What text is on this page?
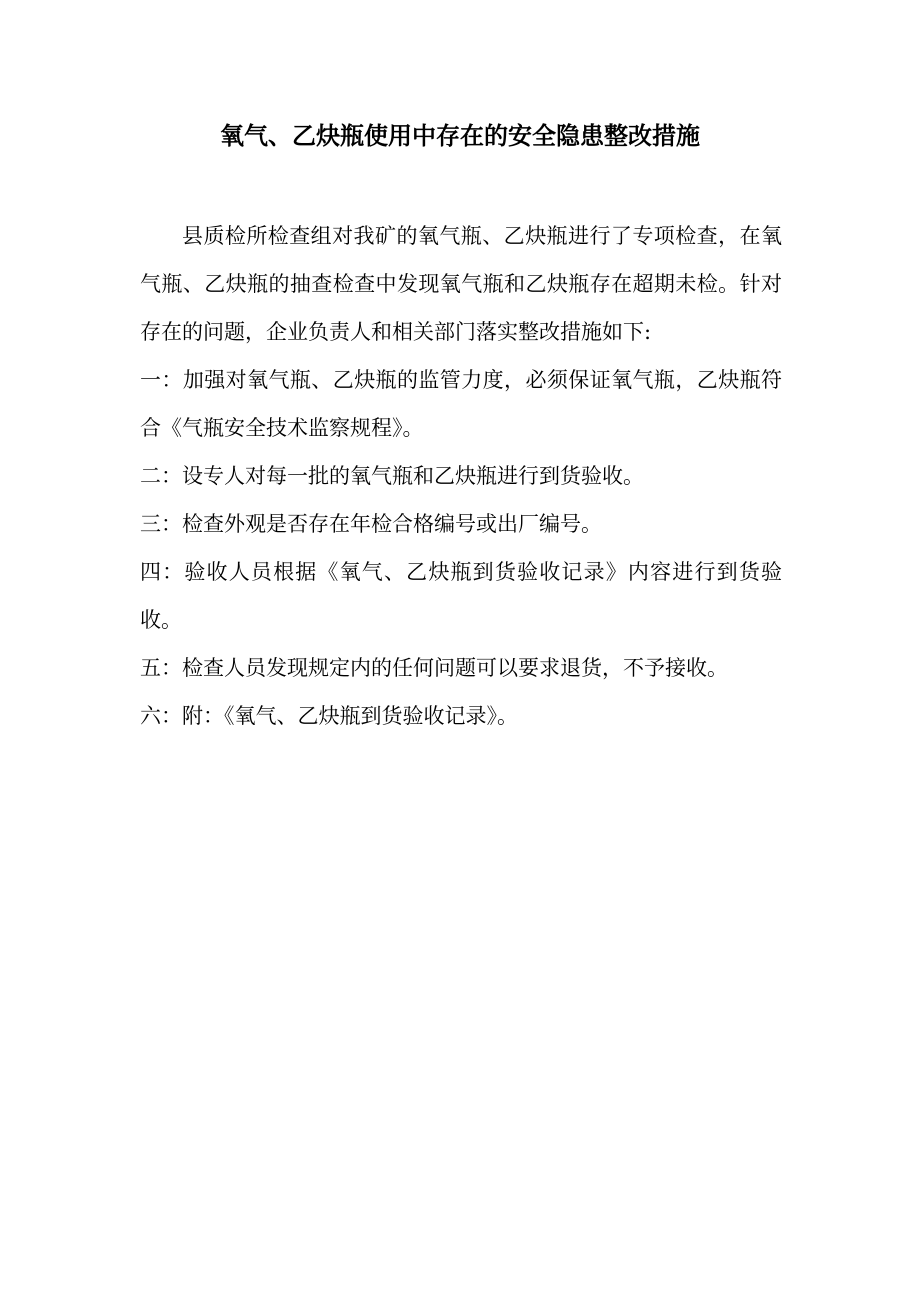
氧气、乙炔瓶使用中存在的安全隐患整改措施

县质检所检查组对我矿的氧气瓶、乙炔瓶进行了专项检查，在氧气瓶、乙炔瓶的抽查检查中发现氧气瓶和乙炔瓶存在超期未检。针对存在的问题，企业负责人和相关部门落实整改措施如下:

一：加强对氧气瓶、乙炔瓶的监管力度，必须保证氧气瓶，乙炔瓶符合《气瓶安全技术监察规程》。

二：设专人对每一批的氧气瓶和乙炔瓶进行到货验收。

三：检查外观是否存在年检合格编号或出厂编号。

四：验收人员根据《氧气、乙炔瓶到货验收记录》内容进行到货验收。

五：检查人员发现规定内的任何问题可以要求退货，不予接收。

六：附：《氧气、乙炔瓶到货验收记录》。
